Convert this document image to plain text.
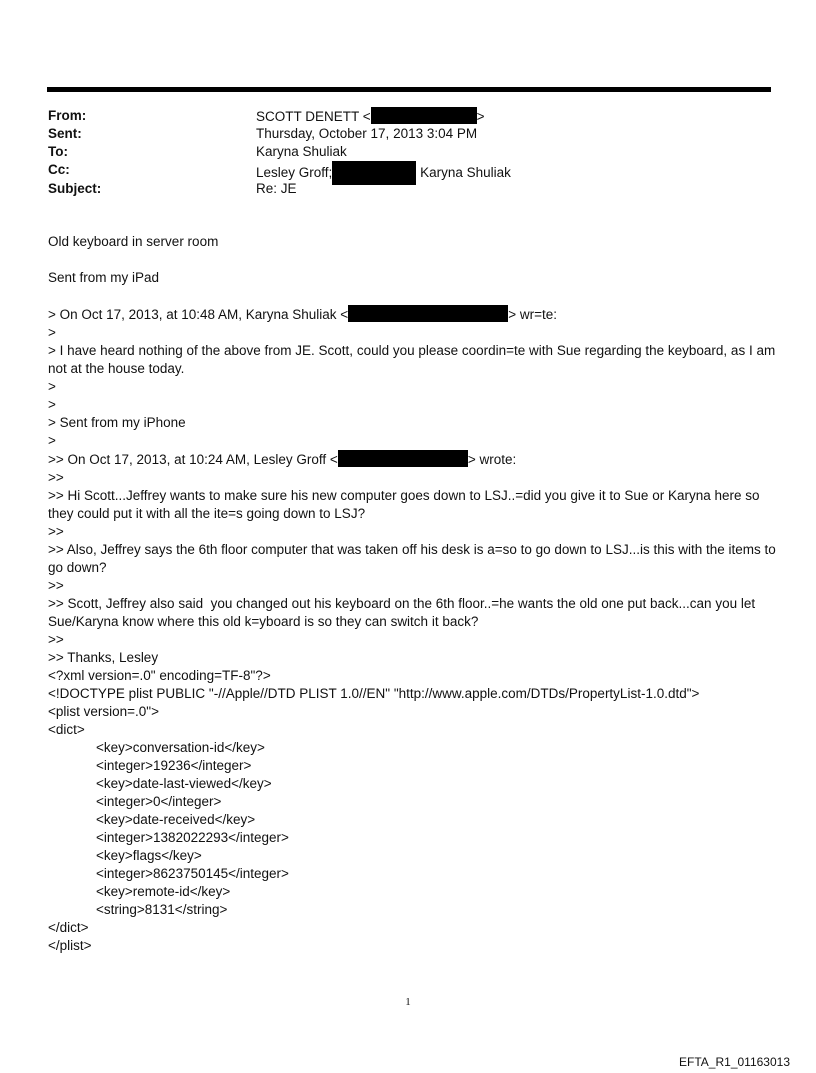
From:	SCOTT DENETT <	>
Sent:	Thursday, October 17, 2013 3:04 PM
To:	Karyna Shuliak
Cc:	Lesley Groff;	Karyna Shuliak
Subject:	Re: JE
Old keyboard in server room
Sent from my iPad
> On Oct 17, 2013, at 10:48 AM, Karyna Shuliak <	> wr=te:
>
> I have heard nothing of the above from JE. Scott, could you please coordin=te with Sue regarding the keyboard, as I am not at the house today.
>
>
> Sent from my iPhone
>
>> On Oct 17, 2013, at 10:24 AM, Lesley Groff <	> wrote:
>>
>> Hi Scott...Jeffrey wants to make sure his new computer goes down to LSJ..=did you give it to Sue or Karyna here so they could put it with all the ite=s going down to LSJ?
>>
>> Also, Jeffrey says the 6th floor computer that was taken off his desk is a=so to go down to LSJ...is this with the items to go down?
>>
>> Scott, Jeffrey also said  you changed out his keyboard on the 6th floor..=he wants the old one put back...can you let Sue/Karyna know where this old k=yboard is so they can switch it back?
>>
>> Thanks, Lesley
<?xml version=.0" encoding=TF-8"?>
<!DOCTYPE plist PUBLIC "-//Apple//DTD PLIST 1.0//EN" "http://www.apple.com/DTDs/PropertyList-1.0.dtd">
<plist version=.0">
<dict>
<key>conversation-id</key>
<integer>19236</integer>
<key>date-last-viewed</key>
<integer>0</integer>
<key>date-received</key>
<integer>1382022293</integer>
<key>flags</key>
<integer>8623750145</integer>
<key>remote-id</key>
<string>8131</string>
</dict>
</plist>
1
EFTA_R1_01163013
